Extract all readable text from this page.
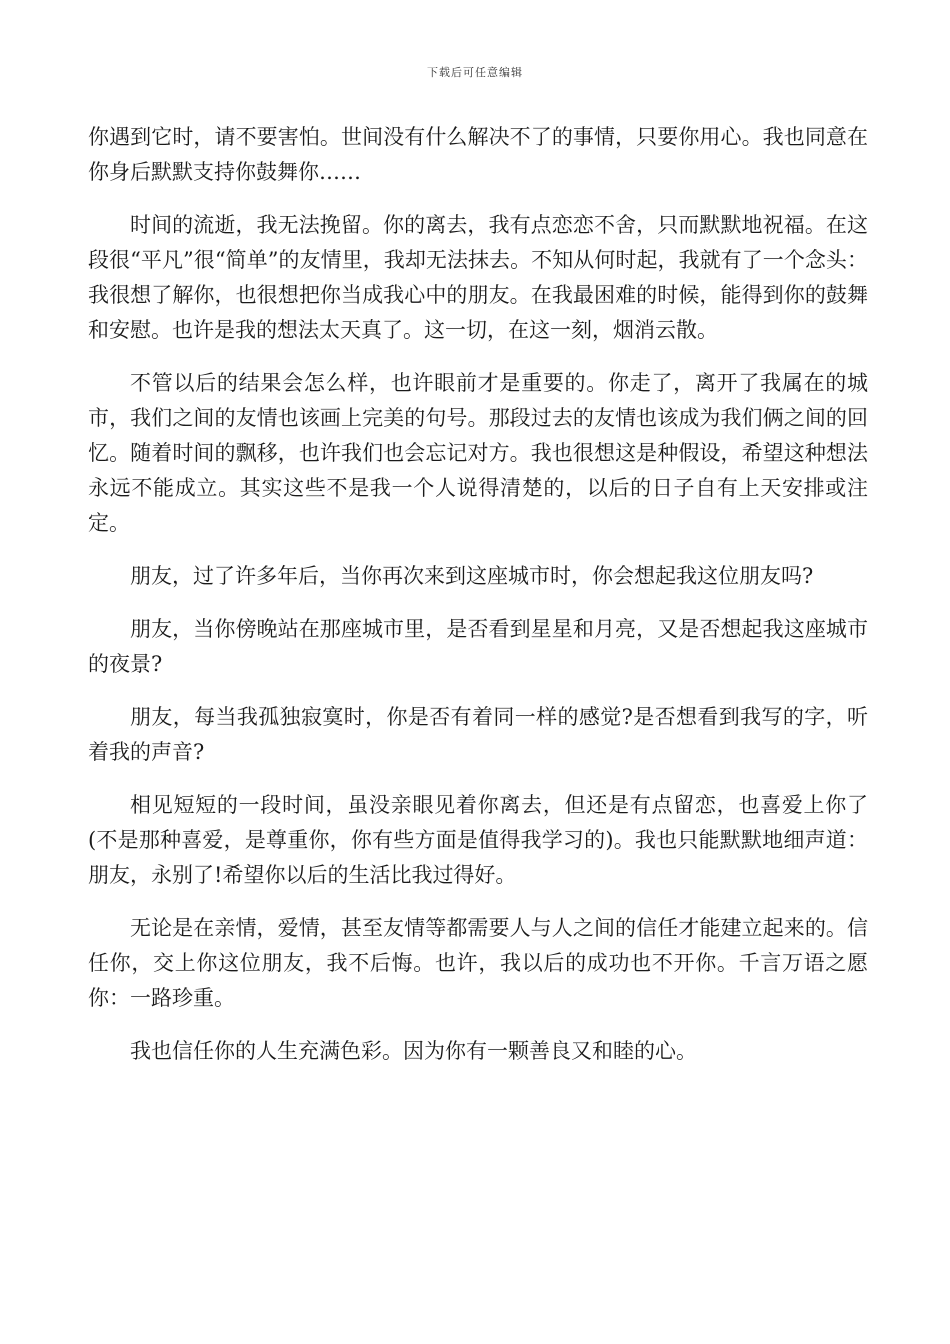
下载后可任意编辑

你遇到它时，请不要害怕。世间没有什么解决不了的事情，只要你用心。我也同意在你身后默默支持你鼓舞你……

时间的流逝，我无法挽留。你的离去，我有点恋恋不舍，只而默默地祝福。在这段很“平凡”很“简单”的友情里，我却无法抹去。不知从何时起，我就有了一个念头：我很想了解你，也很想把你当成我心中的朋友。在我最困难的时候，能得到你的鼓舞和安慰。也许是我的想法太天真了。这一切，在这一刻，烟消云散。

不管以后的结果会怎么样，也许眼前才是重要的。你走了，离开了我属在的城市，我们之间的友情也该画上完美的句号。那段过去的友情也该成为我们俩之间的回忆。随着时间的飘移，也许我们也会忘记对方。我也很想这是种假设，希望这种想法永远不能成立。其实这些不是我一个人说得清楚的，以后的日子自有上天安排或注定。

朋友，过了许多年后，当你再次来到这座城市时，你会想起我这位朋友吗?

朋友，当你傍晚站在那座城市里，是否看到星星和月亮，又是否想起我这座城市的夜景?

朋友，每当我孤独寂寞时，你是否有着同一样的感觉?是否想看到我写的字，听着我的声音?

相见短短的一段时间，虽没亲眼见着你离去，但还是有点留恋，也喜爱上你了(不是那种喜爱，是尊重你，你有些方面是值得我学习的)。我也只能默默地细声道：朋友，永别了!希望你以后的生活比我过得好。

无论是在亲情，爱情，甚至友情等都需要人与人之间的信任才能建立起来的。信任你，交上你这位朋友，我不后悔。也许，我以后的成功也不开你。千言万语之愿你：一路珍重。

我也信任你的人生充满色彩。因为你有一颗善良又和睦的心。
